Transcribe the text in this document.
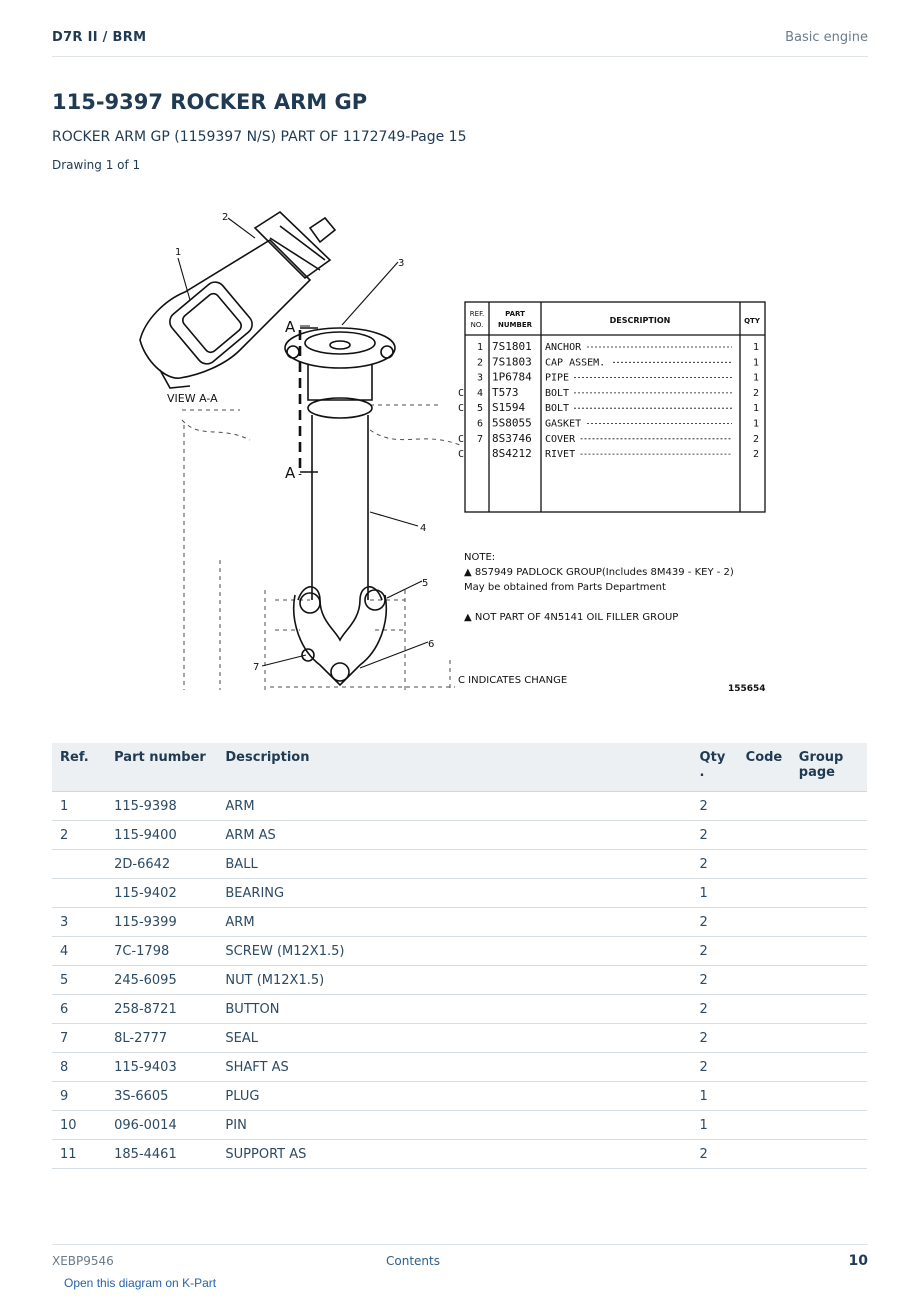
D7R II / BRM	Basic engine
115-9397 ROCKER ARM GP
ROCKER ARM GP (1159397 N/S) PART OF 1172749-Page 15
Drawing 1 of 1
REF.
NO.
PART
NUMBER	DESCRIPTION	QTY
1 7S1801 ANCHOR	1
2 7S1803 CAP ASSEM.	1
3 1P6784 PIPE	1
C 4 T573	BOLT	2
C 5 S1594 BOLT	1
6 5S8055 GASKET	1
C 7 8S3746 COVER	2
C	8S4212 RIVET	2
1
2
3
4
5
6
7
VIEW A-A
A
A
NOTE:
▲ 8S7949 PADLOCK GROUP(Includes 8M439 - KEY - 2)
May be obtained from Parts Department
▲ NOT PART OF 4N5141 OIL FILLER GROUP
C INDICATES CHANGE
155654
Ref.	Part number	Description	Qty
.	Code	Group page
1	115-9398	ARM	2		
2	115-9400	ARM AS	2		
	2D-6642	BALL	2		
	115-9402	BEARING	1		
3	115-9399	ARM	2		
4	7C-1798	SCREW (M12X1.5)	2		
5	245-6095	NUT (M12X1.5)	2		
6	258-8721	BUTTON	2		
7	8L-2777	SEAL	2		
8	115-9403	SHAFT AS	2		
9	3S-6605	PLUG	1		
10	096-0014	PIN	1		
11	185-4461	SUPPORT AS	2		
XEBP9546	Contents	10
Open this diagram on K-Part
